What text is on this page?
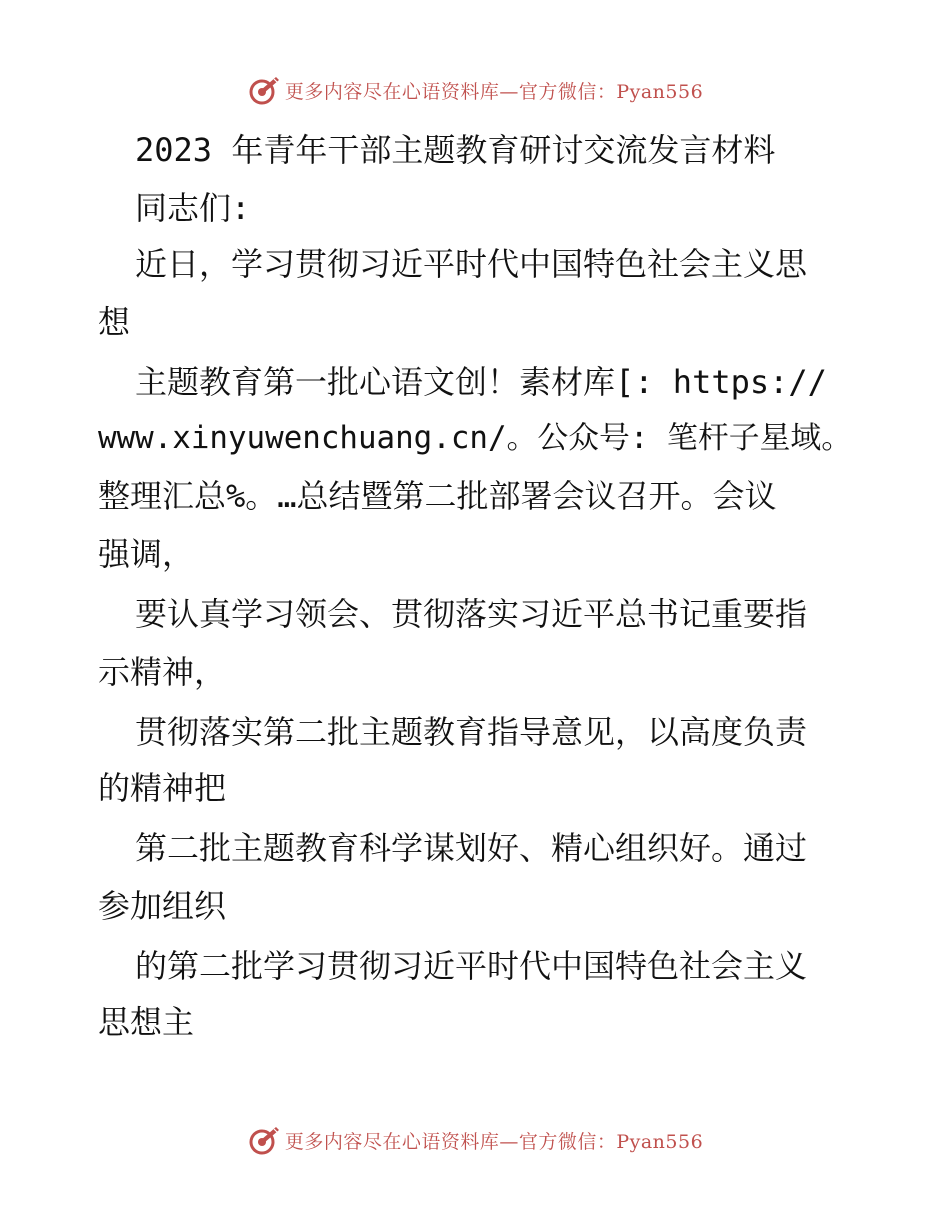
更多内容尽在心语资料库—官方微信：Pyan556
2023 年青年干部主题教育研讨交流发言材料
同志们:
近日，学习贯彻习近平时代中国特色社会主义思
想
主题教育第一批心语文创！素材库[: https://
www.xinyuwenchuang.cn/。公众号: 笔杆子星域。
整理汇总%。…总结暨第二批部署会议召开。会议
强调，
要认真学习领会、贯彻落实习近平总书记重要指
示精神，
贯彻落实第二批主题教育指导意见，以高度负责
的精神把
第二批主题教育科学谋划好、精心组织好。通过
参加组织
的第二批学习贯彻习近平时代中国特色社会主义
思想主
更多内容尽在心语资料库—官方微信：Pyan556
